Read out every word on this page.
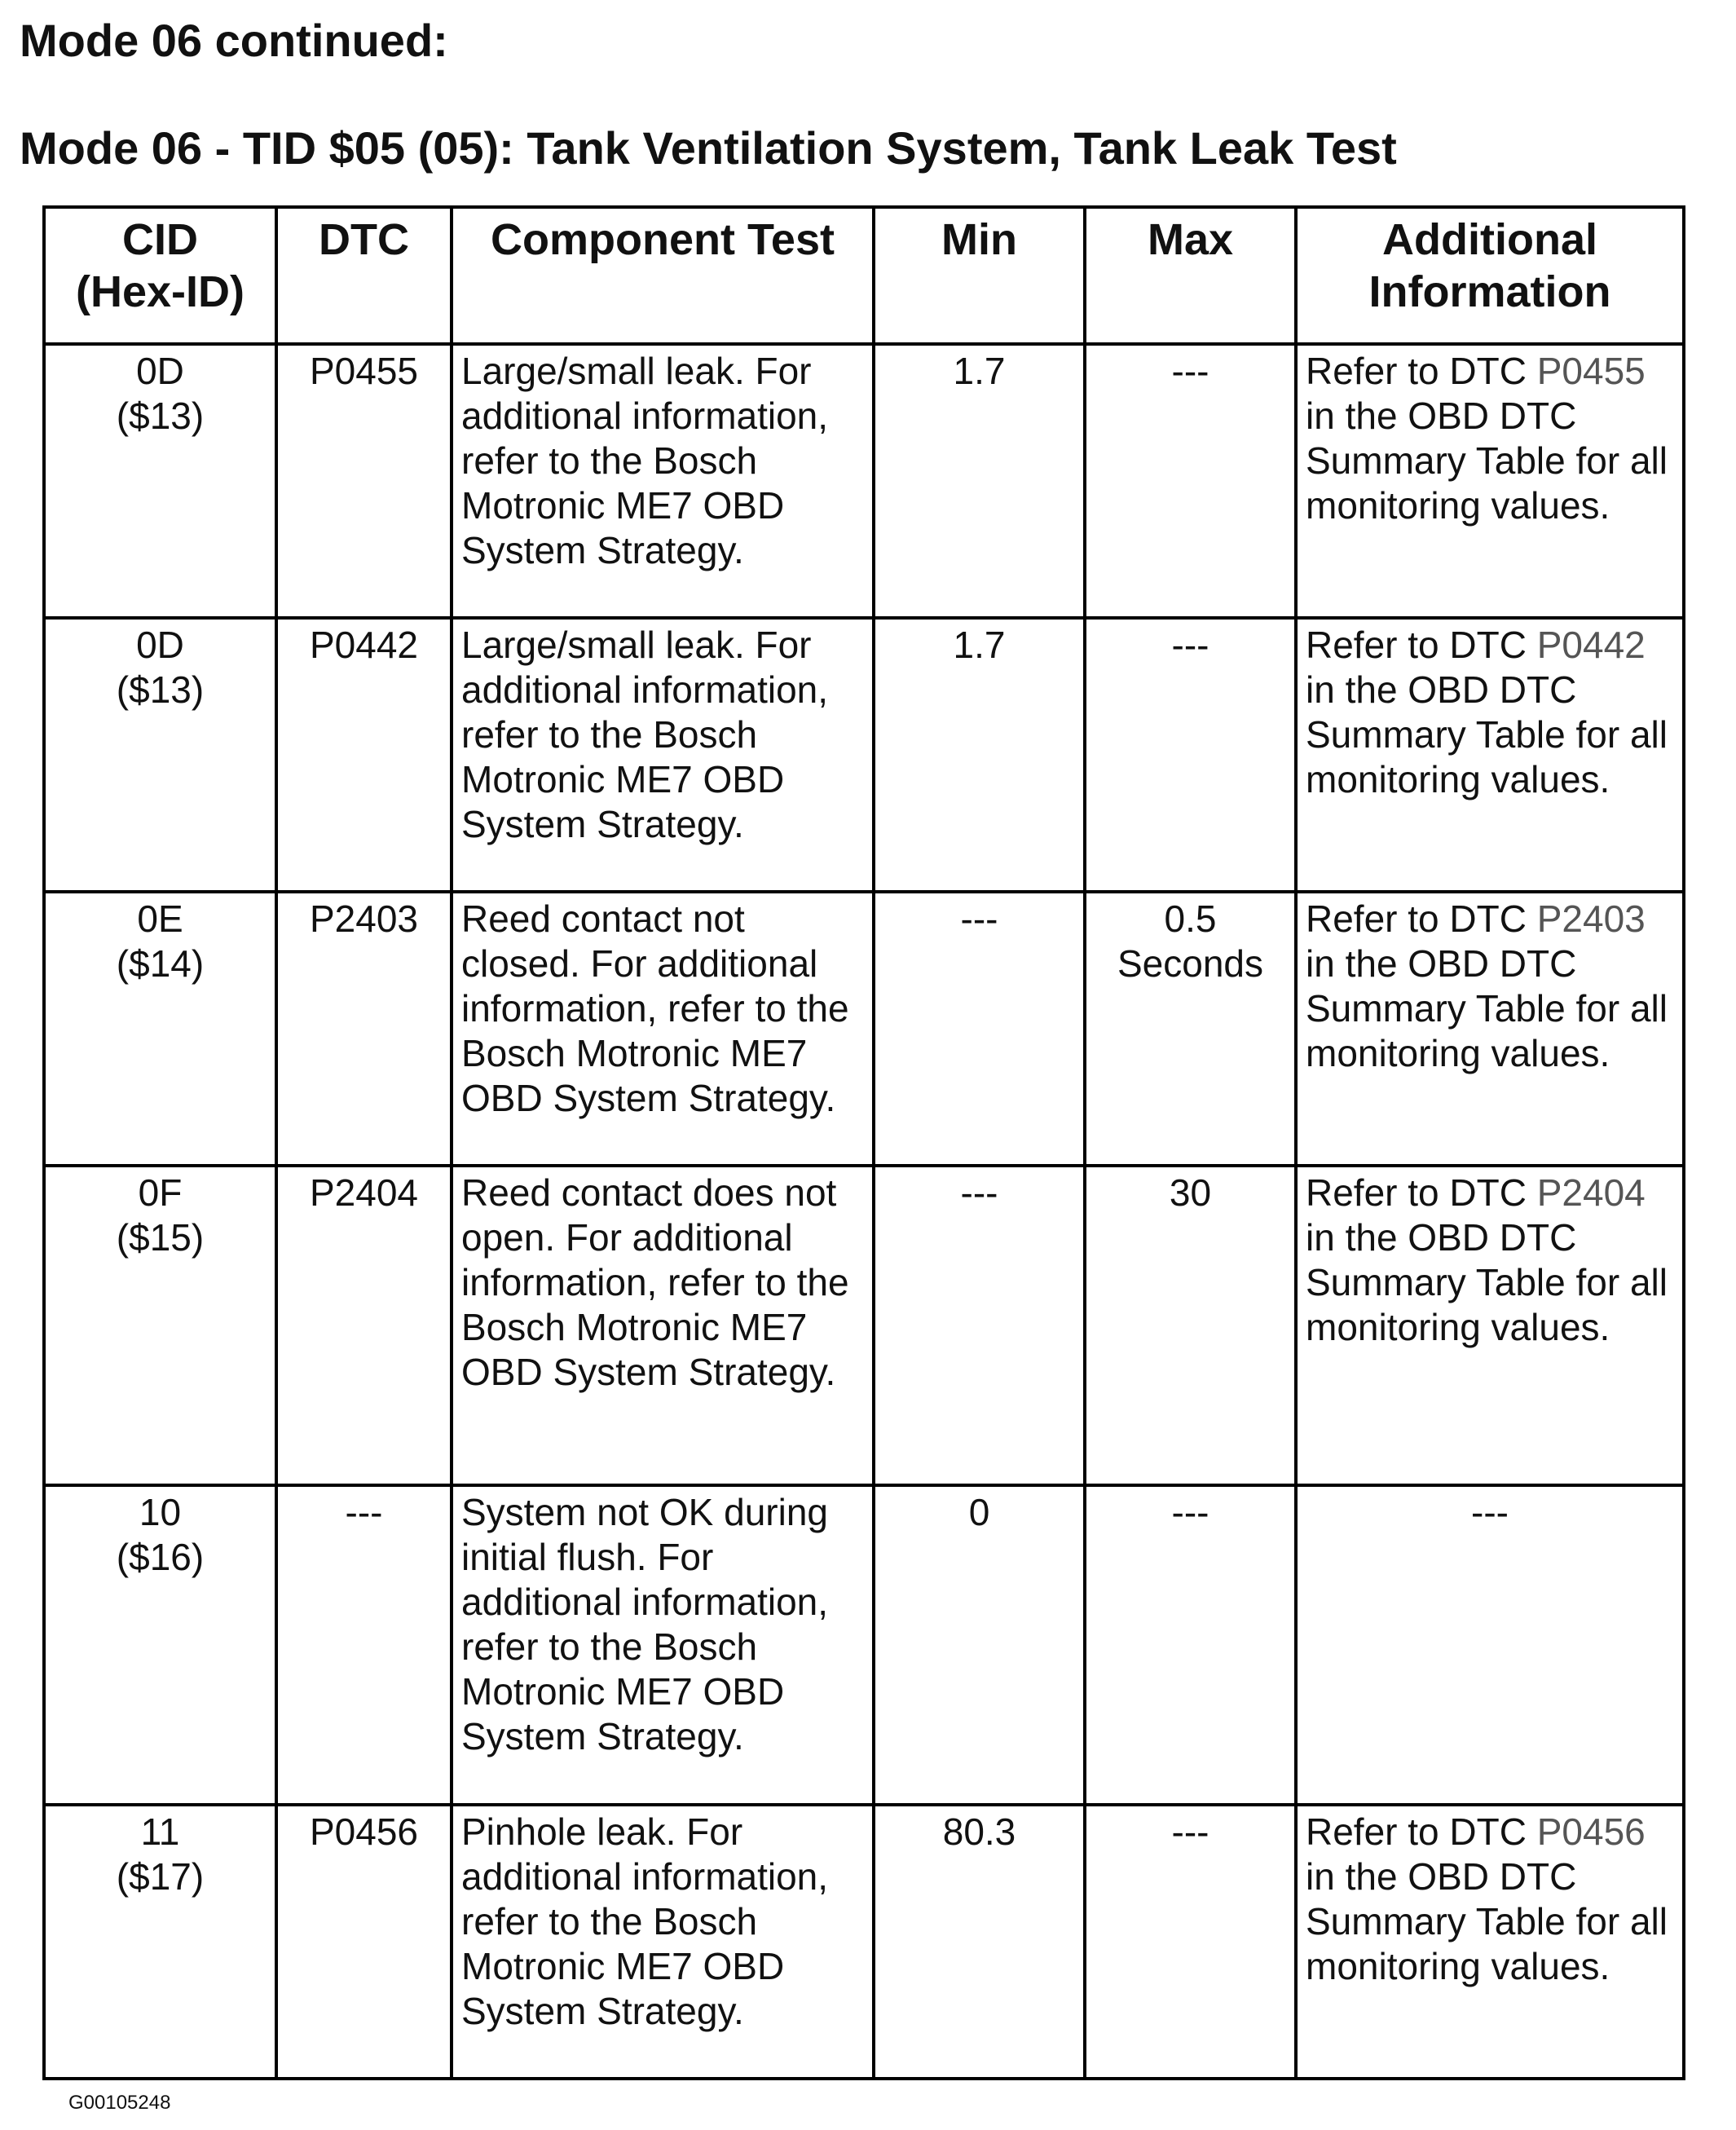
Mode 06 continued:
Mode 06 - TID $05 (05): Tank Ventilation System, Tank Leak Test
CID
(Hex-ID)	DTC	Component Test	Min	Max	Additional
Information

0D
($13)	P0455	Large/small leak. For additional information, refer to the Bosch Motronic ME7 OBD System Strategy.	1.7	---	Refer to DTC P0455 in the OBD DTC Summary Table for all monitoring values.

0D
($13)	P0442	Large/small leak. For additional information, refer to the Bosch Motronic ME7 OBD System Strategy.	1.7	---	Refer to DTC P0442 in the OBD DTC Summary Table for all monitoring values.

0E
($14)	P2403	Reed contact not closed. For additional information, refer to the Bosch Motronic ME7 OBD System Strategy.	---	0.5
Seconds	Refer to DTC P2403 in the OBD DTC Summary Table for all monitoring values.

0F
($15)	P2404	Reed contact does not open. For additional information, refer to the Bosch Motronic ME7 OBD System Strategy.	---	30	Refer to DTC P2404 in the OBD DTC Summary Table for all monitoring values.

10
($16)	---	System not OK during initial flush. For additional information, refer to the Bosch Motronic ME7 OBD System Strategy.	0	---	---

11
($17)	P0456	Pinhole leak. For additional information, refer to the Bosch Motronic ME7 OBD System Strategy.	80.3	---	Refer to DTC P0456 in the OBD DTC Summary Table for all monitoring values.
G00105248
